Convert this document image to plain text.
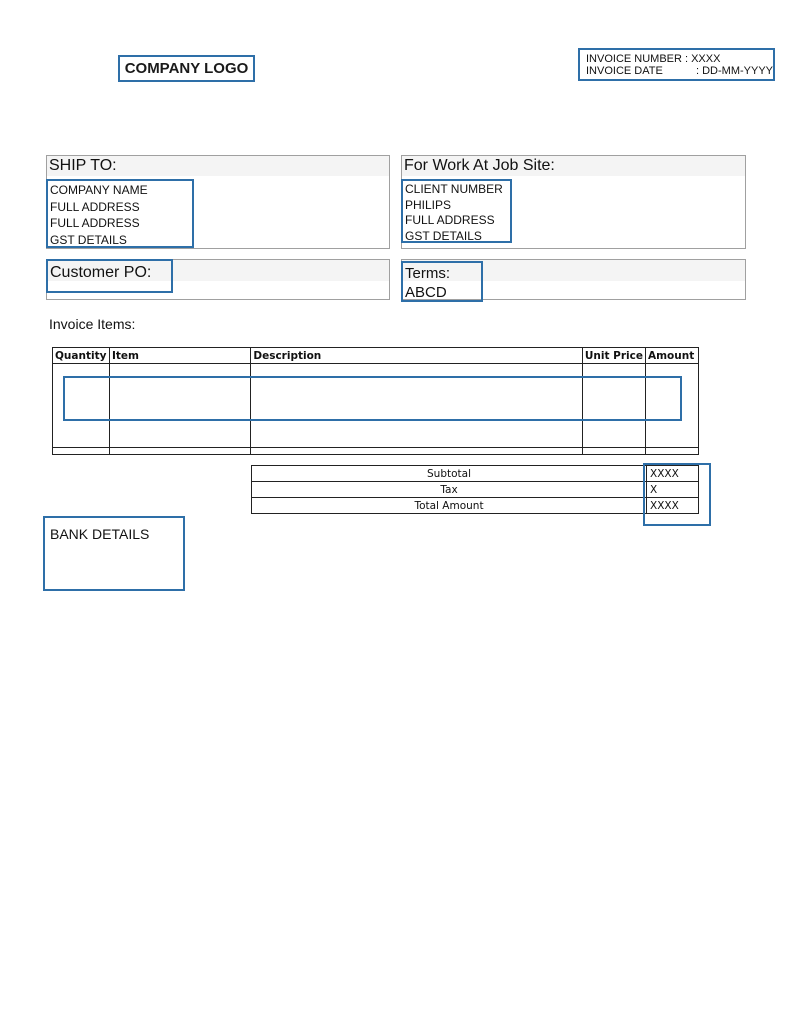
COMPANY LOGO
INVOICE NUMBER : XXXX
INVOICE DATE	: DD-MM-YYYY
SHIP TO:
COMPANY NAME
FULL ADDRESS
FULL ADDRESS
GST DETAILS
For Work At Job Site:
CLIENT NUMBER
PHILIPS
FULL ADDRESS
GST DETAILS
Customer PO:	Terms:
ABCD
Invoice Items:
Quantity	Item	Description	Unit Price	Amount

Subtotal	XXXX
Tax	X
Total Amount	XXXX
BANK DETAILS
